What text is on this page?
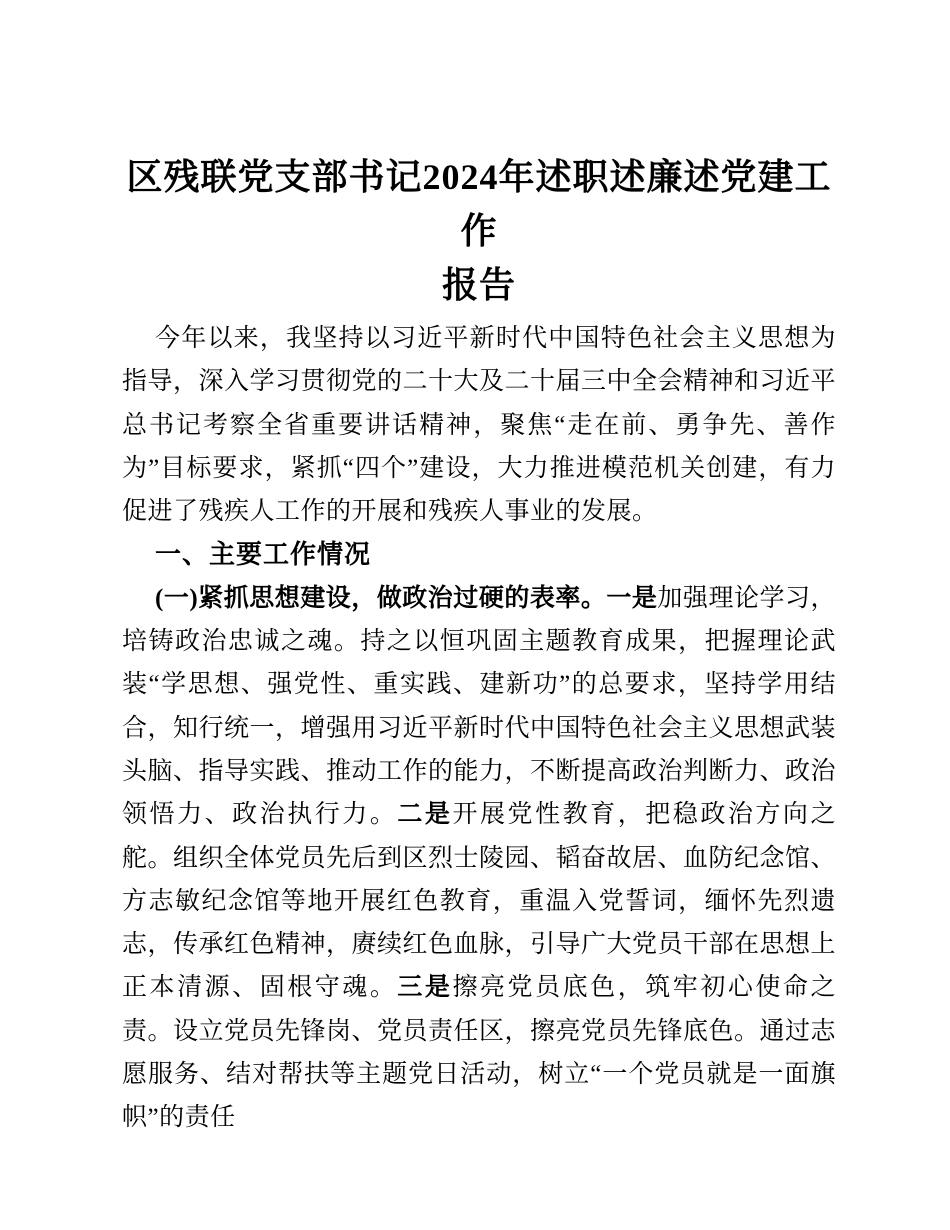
区残联党支部书记2024年述职述廉述党建工作
报告

今年以来，我坚持以习近平新时代中国特色社会主义思想为指导，深入学习贯彻党的二十大及二十届三中全会精神和习近平总书记考察全省重要讲话精神，聚焦“走在前、勇争先、善作为”目标要求，紧抓“四个”建设，大力推进模范机关创建，有力促进了残疾人工作的开展和残疾人事业的发展。

一、主要工作情况

(一)紧抓思想建设，做政治过硬的表率。一是加强理论学习，培铸政治忠诚之魂。持之以恒巩固主题教育成果，把握理论武装“学思想、强党性、重实践、建新功”的总要求，坚持学用结合，知行统一，增强用习近平新时代中国特色社会主义思想武装头脑、指导实践、推动工作的能力，不断提高政治判断力、政治领悟力、政治执行力。二是开展党性教育，把稳政治方向之舵。组织全体党员先后到区烈士陵园、韬奋故居、血防纪念馆、方志敏纪念馆等地开展红色教育，重温入党誓词，缅怀先烈遗志，传承红色精神，赓续红色血脉，引导广大党员干部在思想上正本清源、固根守魂。三是擦亮党员底色，筑牢初心使命之责。设立党员先锋岗、党员责任区，擦亮党员先锋底色。通过志愿服务、结对帮扶等主题党日活动，树立“一个党员就是一面旗帜”的责任
